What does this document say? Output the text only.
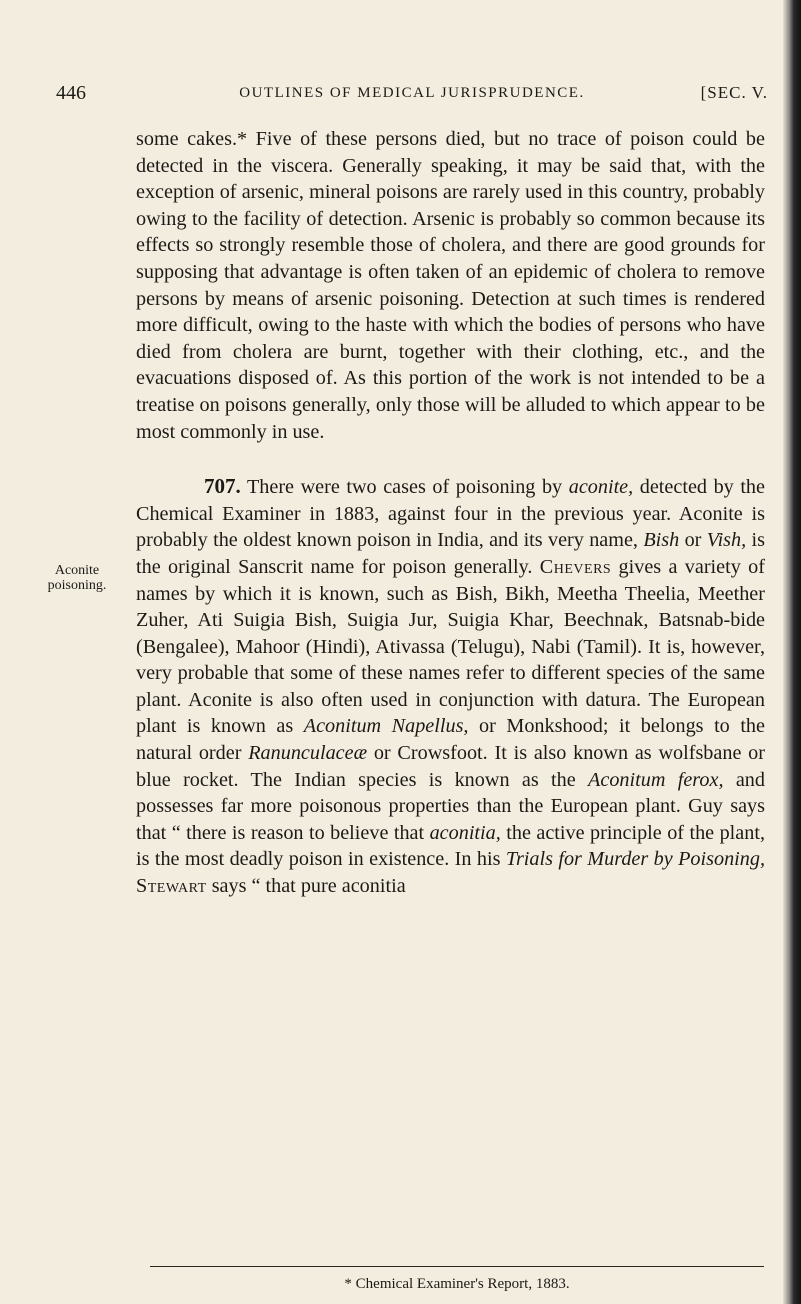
446	OUTLINES OF MEDICAL JURISPRUDENCE.	[SEC. V.
Aconite
poisoning.

some cakes.* Five of these persons died, but no trace of poison could be detected in the viscera. Generally speaking, it may be said that, with the exception of arsenic, mineral poisons are rarely used in this country, probably owing to the facility of detection. Arsenic is probably so common because its effects so strongly resemble those of cholera, and there are good grounds for supposing that advantage is often taken of an epidemic of cholera to remove persons by means of arsenic poisoning. Detection at such times is rendered more difficult, owing to the haste with which the bodies of persons who have died from cholera are burnt, together with their clothing, etc., and the evacuations disposed of. As this portion of the work is not intended to be a treatise on poisons generally, only those will be alluded to which appear to be most commonly in use.

707. There were two cases of poisoning by aconite, detected by the Chemical Examiner in 1883, against four in the previous year. Aconite is probably the oldest known poison in India, and its very name, Bish or Vish, is the original Sanscrit name for poison generally. Chevers gives a variety of names by which it is known, such as Bish, Bikh, Meetha Theelia, Meether Zuher, Ati Suigia Bish, Suigia Jur, Suigia Khar, Beechnak, Batsnab-bide (Bengalee), Mahoor (Hindi), Ativassa (Telugu), Nabi (Tamil). It is, however, very probable that some of these names refer to different species of the same plant. Aconite is also often used in conjunction with datura. The European plant is known as Aconitum Napellus, or Monkshood; it belongs to the natural order Ranunculaceæ or Crowsfoot. It is also known as wolfsbane or blue rocket. The Indian species is known as the Aconitum ferox, and possesses far more poisonous properties than the European plant. Guy says that “ there is reason to believe that aconitia, the active principle of the plant, is the most deadly poison in existence. In his Trials for Murder by Poisoning, Stewart says “ that pure aconitia

* Chemical Examiner's Report, 1883.
